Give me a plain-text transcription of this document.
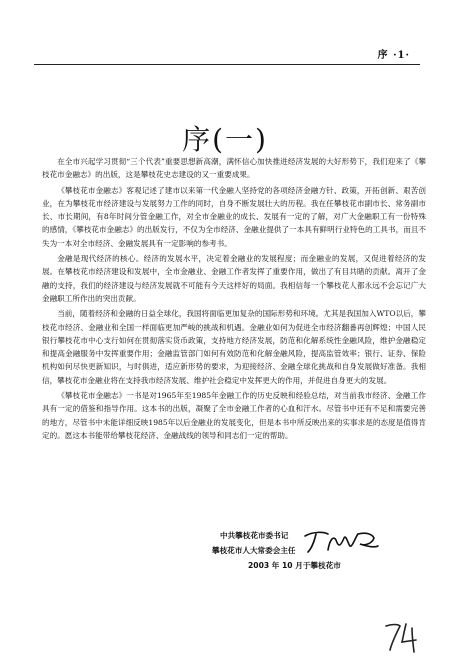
序 ·1·
序(一)

在全市兴起学习贯彻“三个代表”重要思想新高潮，满怀信心加快推进经济发展的大好形势下，我们迎来了《攀枝花市金融志》的出版，这是攀枝花史志建设的又一重要成果。

《攀枝花市金融志》客观记述了建市以来第一代金融人坚持党的各项经济金融方针、政策，开拓创新、艰苦创业，在为攀枝花市经济建设与发展努力工作的同时，自身不断发展壮大的历程。我在任攀枝花市副市长、常务副市长、市长期间，有8年时间分管金融工作，对全市金融业的成长、发展有一定的了解，对广大金融职工有一份特殊的感情，《攀枝花市金融志》的出版发行，不仅为全市经济、金融业提供了一本具有鲜明行业特色的工具书，而且不失为一本对全市经济、金融发展具有一定影响的参考书。

金融是现代经济的核心。经济的发展水平，决定着金融业的发展程度；而金融业的发展，又促进着经济的发展。在攀枝花市经济建设和发展中，全市金融业、金融工作者发挥了重要作用，做出了有目共睹的贡献。离开了金融的支持，我们的经济建设与经济发展就不可能有今天这样好的局面。我相信每一个攀枝花人都永远不会忘记广大金融职工所作出的突出贡献。

当前，随着经济和金融的日益全球化，我国将面临更加复杂的国际形势和环境。尤其是我国加入WTO以后，攀枝花市经济、金融业和全国一样面临更加严峻的挑战和机遇。金融业如何为促进全市经济翻番再创辉煌；中国人民银行攀枝花市中心支行如何在贯彻落实货币政策，支持地方经济发展，防范和化解系统性金融风险，维护金融稳定和提高金融服务中发挥重要作用；金融监管部门如何有效防范和化解金融风险，提高监管效率；银行、证券、保险机构如何尽快更新知识，与时俱进，适应新形势的要求，为迎接经济、金融全球化挑战和自身发展做好准备。我相信，攀枝花市金融业将在支持我市经济发展、维护社会稳定中发挥更大的作用，并促进自身更大的发展。

《攀枝花市金融志》一书是对1965年至1985年金融工作的历史反映和经验总结，对当前我市经济、金融工作具有一定的借鉴和指导作用。这本书的出版，凝聚了全市金融工作者的心血和汗水。尽管书中还有不足和需要完善的地方，尽管书中未能详细反映1985年以后金融业的发展变化，但是本书中所反映出来的实事求是的态度是值得肯定的。愿这本书能带给攀枝花经济、金融战线的领导和同志们一定的帮助。

中共攀枝花市委书记
攀枝花市人大常委会主任
2003 年 10 月于攀枝花市
